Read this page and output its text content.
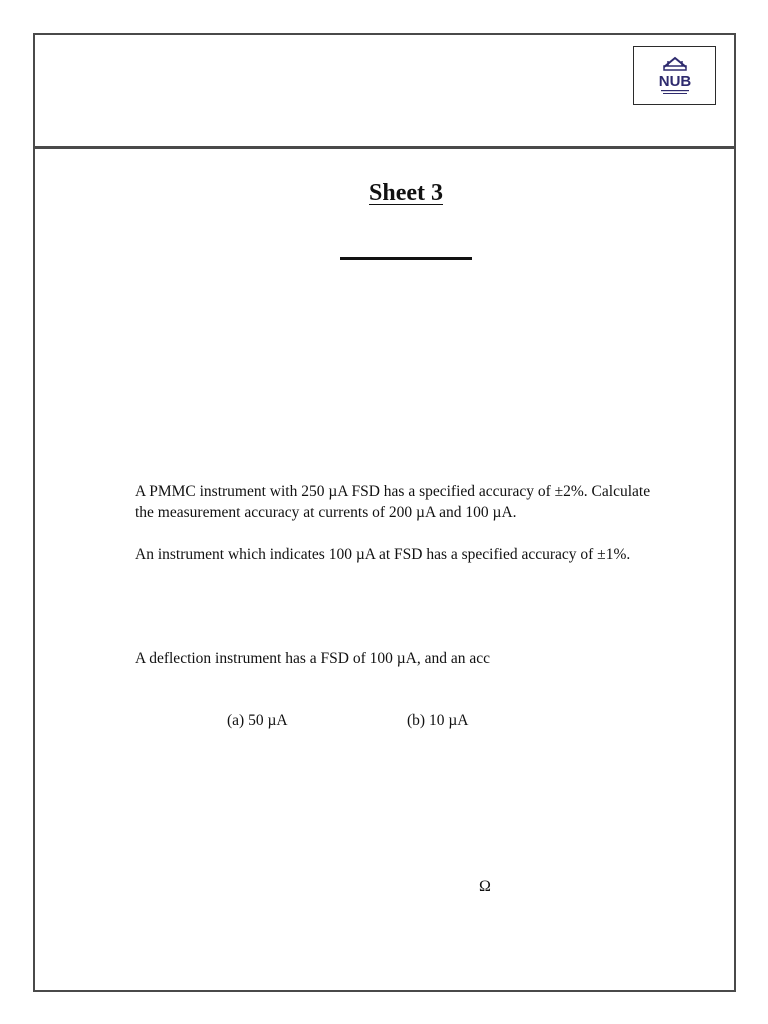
NUB
Sheet 3

A PMMC instrument with 250 µA FSD has a specified accuracy of ±2%. Calculate
the measurement accuracy at currents of 200 µA and 100 µA.

An instrument which indicates 100 µA at FSD has a specified accuracy of ±1%.

A deflection instrument has a FSD of 100 µA, and an acc

(a) 50 µA	(b) 10 µA
Ω
